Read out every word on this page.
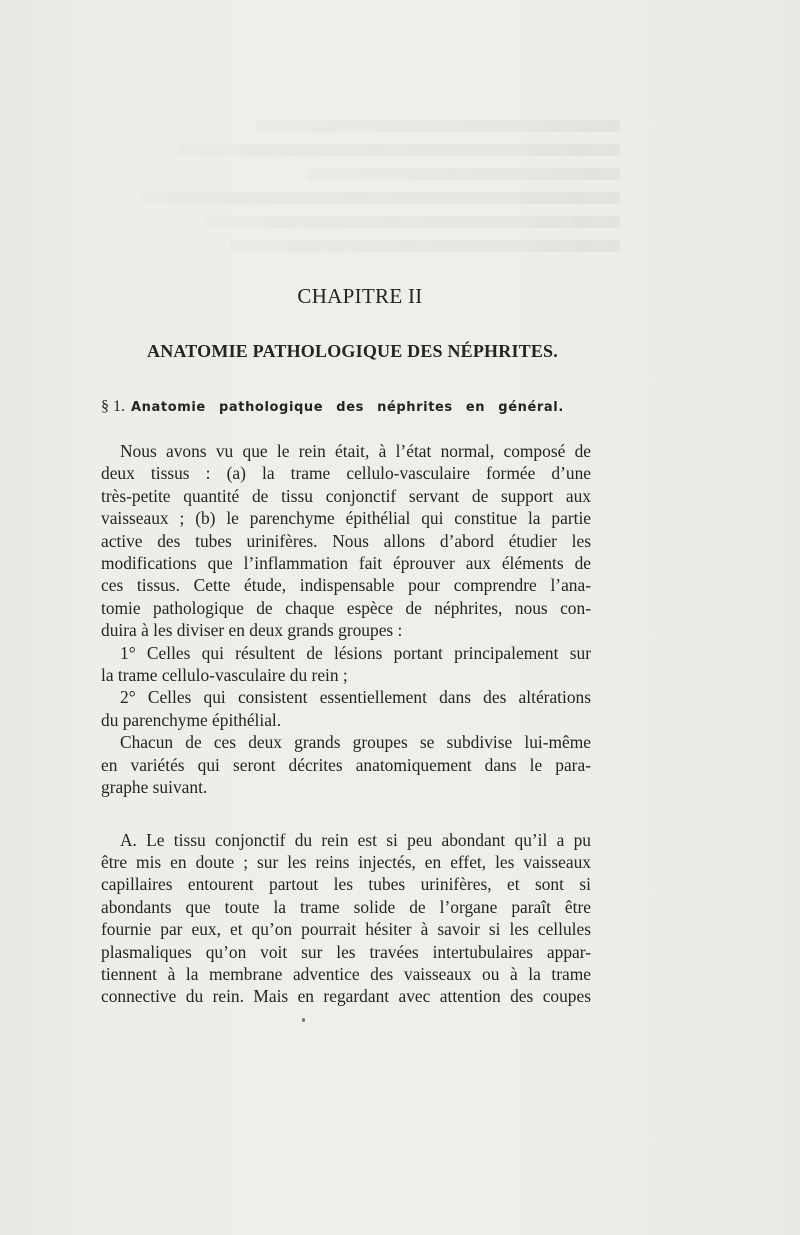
CHAPITRE II
ANATOMIE PATHOLOGIQUE DES NÉPHRITES.
§ 1. Anatomie pathologique des néphrites en général.

Nous avons vu que le rein était, à l’état normal, composé de

deux tissus : (a) la trame cellulo-vasculaire formée d’une

très-petite quantité de tissu conjonctif servant de support aux

vaisseaux ; (b) le parenchyme épithélial qui constitue la partie

active des tubes urinifères. Nous allons d’abord étudier les

modifications que l’inflammation fait éprouver aux éléments de

ces tissus. Cette étude, indispensable pour comprendre l’ana-

tomie pathologique de chaque espèce de néphrites, nous con-

duira à les diviser en deux grands groupes :

1° Celles qui résultent de lésions portant principalement sur

la trame cellulo-vasculaire du rein ;

2° Celles qui consistent essentiellement dans des altérations

du parenchyme épithélial.

Chacun de ces deux grands groupes se subdivise lui-même

en variétés qui seront décrites anatomiquement dans le para-

graphe suivant.

A. Le tissu conjonctif du rein est si peu abondant qu’il a pu

être mis en doute ; sur les reins injectés, en effet, les vaisseaux

capillaires entourent partout les tubes urinifères, et sont si

abondants que toute la trame solide de l’organe paraît être

fournie par eux, et qu’on pourrait hésiter à savoir si les cellules

plasmaliques qu’on voit sur les travées intertubulaires appar-

tiennent à la membrane adventice des vaisseaux ou à la trame

connective du rein. Mais en regardant avec attention des coupes
